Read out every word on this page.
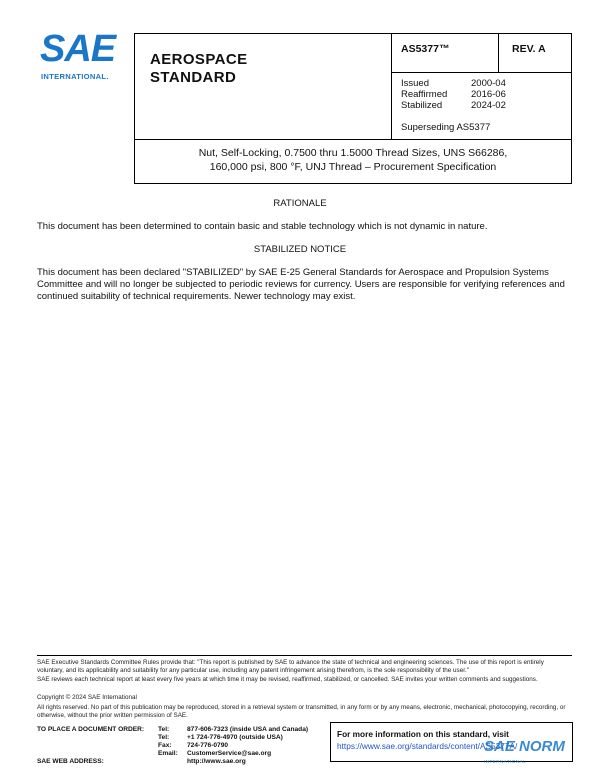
SAE
INTERNATIONAL.
AEROSPACE
STANDARD
AS5377™	REV. A
Issued	2000-04
Reaffirmed 2016-06
Stabilized	2024-02
Superseding AS5377
Nut, Self-Locking, 0.7500 thru 1.5000 Thread Sizes, UNS S66286,
160,000 psi, 800 °F, UNJ Thread – Procurement Specification
RATIONALE
This document has been determined to contain basic and stable technology which is not dynamic in nature.
STABILIZED NOTICE
This document has been declared "STABILIZED" by SAE E-25 General Standards for Aerospace and Propulsion Systems Committee and will no longer be subjected to periodic reviews for currency. Users are responsible for verifying references and continued suitability of technical requirements. Newer technology may exist.
SAE Executive Standards Committee Rules provide that: "This report is published by SAE to advance the state of technical and engineering sciences. The use of this report is entirely voluntary, and its applicability and suitability for any particular use, including any patent infringement arising therefrom, is the sole responsibility of the user."
SAE reviews each technical report at least every five years at which time it may be revised, reaffirmed, stabilized, or cancelled. SAE invites your written comments and suggestions.
Copyright © 2024 SAE International
All rights reserved. No part of this publication may be reproduced, stored in a retrieval system or transmitted, in any form or by any means, electronic, mechanical, photocopying, recording, or otherwise, without the prior written permission of SAE.
TO PLACE A DOCUMENT ORDER:
SAE WEB ADDRESS:
Tel:	877-606-7323 (inside USA and Canada)
Tel:	+1 724-776-4970 (outside USA)
Fax: 724-776-0790
Email: CustomerService@sae.org
http://www.sae.org
For more information on this standard, visit
https://www.sae.org/standards/content/AS5377A/
SAE NORM
INTERNATIONAL
